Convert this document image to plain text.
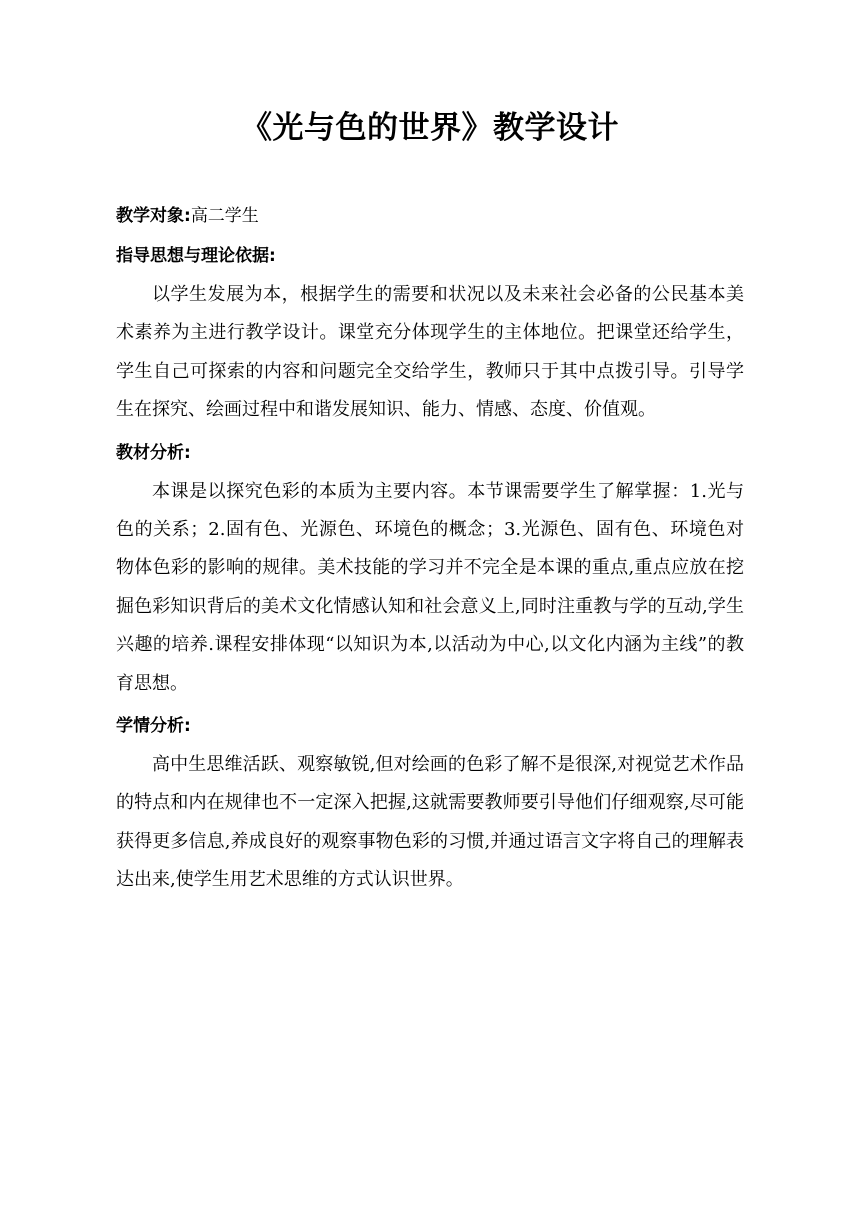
《光与色的世界》教学设计

教学对象:高二学生

指导思想与理论依据:

以学生发展为本，根据学生的需要和状况以及未来社会必备的公民基本美术素养为主进行教学设计。课堂充分体现学生的主体地位。把课堂还给学生，学生自己可探索的内容和问题完全交给学生，教师只于其中点拨引导。引导学生在探究、绘画过程中和谐发展知识、能力、情感、态度、价值观。

教材分析:

本课是以探究色彩的本质为主要内容。本节课需要学生了解掌握：1.光与色的关系；2.固有色、光源色、环境色的概念；3.光源色、固有色、环境色对物体色彩的影响的规律。美术技能的学习并不完全是本课的重点,重点应放在挖掘色彩知识背后的美术文化情感认知和社会意义上,同时注重教与学的互动,学生兴趣的培养.课程安排体现“以知识为本,以活动为中心,以文化内涵为主线”的教育思想。

学情分析:

高中生思维活跃、观察敏锐,但对绘画的色彩了解不是很深,对视觉艺术作品的特点和内在规律也不一定深入把握,这就需要教师要引导他们仔细观察,尽可能获得更多信息,养成良好的观察事物色彩的习惯,并通过语言文字将自己的理解表达出来,使学生用艺术思维的方式认识世界。
